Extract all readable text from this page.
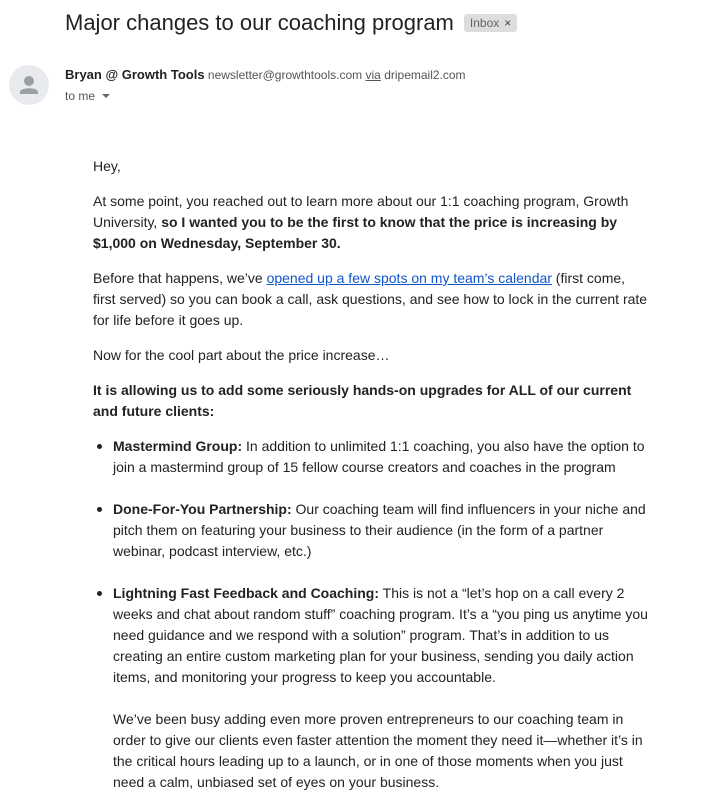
Major changes to our coaching program Inbox ×
Bryan @ Growth Tools newsletter@growthtools.com via dripemail2.com
to me

Hey,

At some point, you reached out to learn more about our 1:1 coaching program, Growth University, so I wanted you to be the first to know that the price is increasing by $1,000 on Wednesday, September 30.

Before that happens, we’ve opened up a few spots on my team’s calendar (first come, first served) so you can book a call, ask questions, and see how to lock in the current rate for life before it goes up.

Now for the cool part about the price increase…

It is allowing us to add some seriously hands-on upgrades for ALL of our current and future clients:

Mastermind Group: In addition to unlimited 1:1 coaching, you also have the option to join a mastermind group of 15 fellow course creators and coaches in the program
Done-For-You Partnership: Our coaching team will find influencers in your niche and pitch them on featuring your business to their audience (in the form of a partner webinar, podcast interview, etc.)
Lightning Fast Feedback and Coaching: This is not a “let’s hop on a call every 2 weeks and chat about random stuff” coaching program. It’s a “you ping us anytime you need guidance and we respond with a solution” program. That’s in addition to us creating an entire custom marketing plan for your business, sending you daily action items, and monitoring your progress to keep you accountable.
We’ve been busy adding even more proven entrepreneurs to our coaching team in order to give our clients even faster attention the moment they need it—whether it’s in the critical hours leading up to a launch, or in one of those moments when you just need a calm, unbiased set of eyes on your business.
